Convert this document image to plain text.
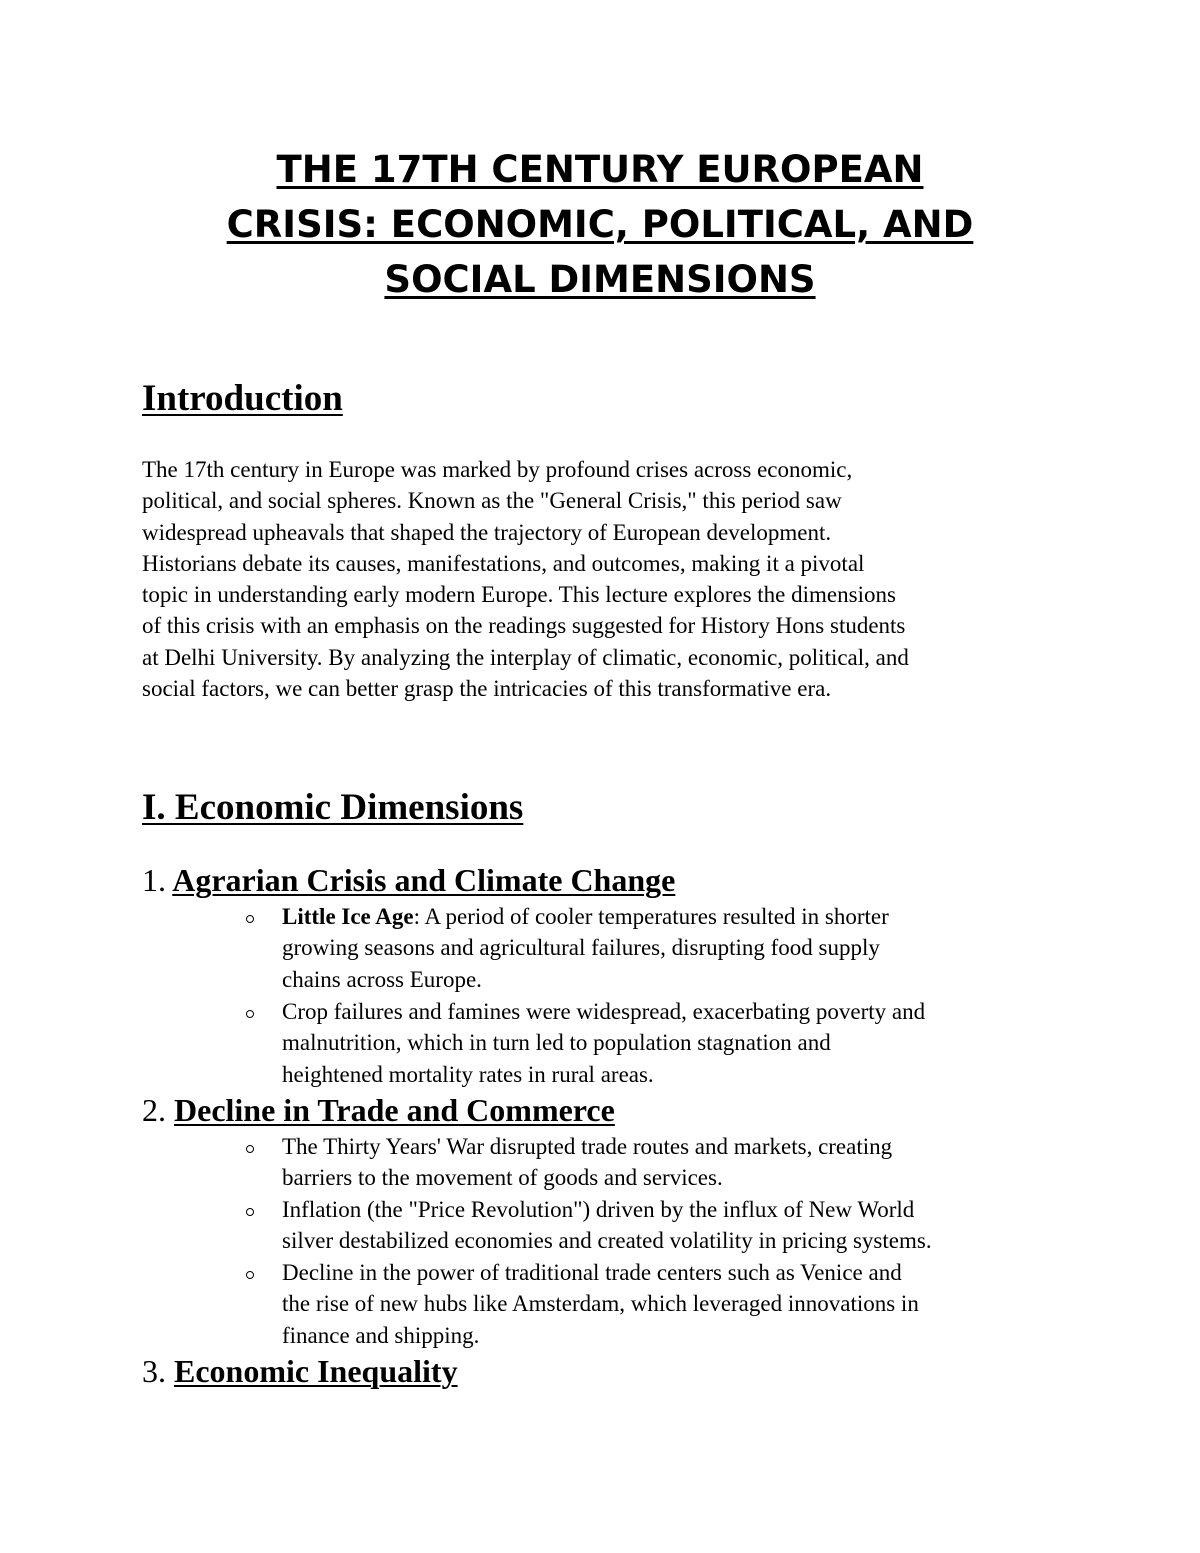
THE 17TH CENTURY EUROPEAN
CRISIS: ECONOMIC, POLITICAL, AND
SOCIAL DIMENSIONS
Introduction

The 17th century in Europe was marked by profound crises across economic,
political, and social spheres. Known as the "General Crisis," this period saw
widespread upheavals that shaped the trajectory of European development.
Historians debate its causes, manifestations, and outcomes, making it a pivotal
topic in understanding early modern Europe. This lecture explores the dimensions
of this crisis with an emphasis on the readings suggested for History Hons students
at Delhi University. By analyzing the interplay of climatic, economic, political, and
social factors, we can better grasp the intricacies of this transformative era.

I. Economic Dimensions
1. Agrarian Crisis and Climate Change

Little Ice Age: A period of cooler temperatures resulted in shorter
growing seasons and agricultural failures, disrupting food supply
chains across Europe.

Crop failures and famines were widespread, exacerbating poverty and
malnutrition, which in turn led to population stagnation and
heightened mortality rates in rural areas.

2. Decline in Trade and Commerce

The Thirty Years' War disrupted trade routes and markets, creating
barriers to the movement of goods and services.

Inflation (the "Price Revolution") driven by the influx of New World
silver destabilized economies and created volatility in pricing systems.

Decline in the power of traditional trade centers such as Venice and
the rise of new hubs like Amsterdam, which leveraged innovations in
finance and shipping.

3. Economic Inequality
